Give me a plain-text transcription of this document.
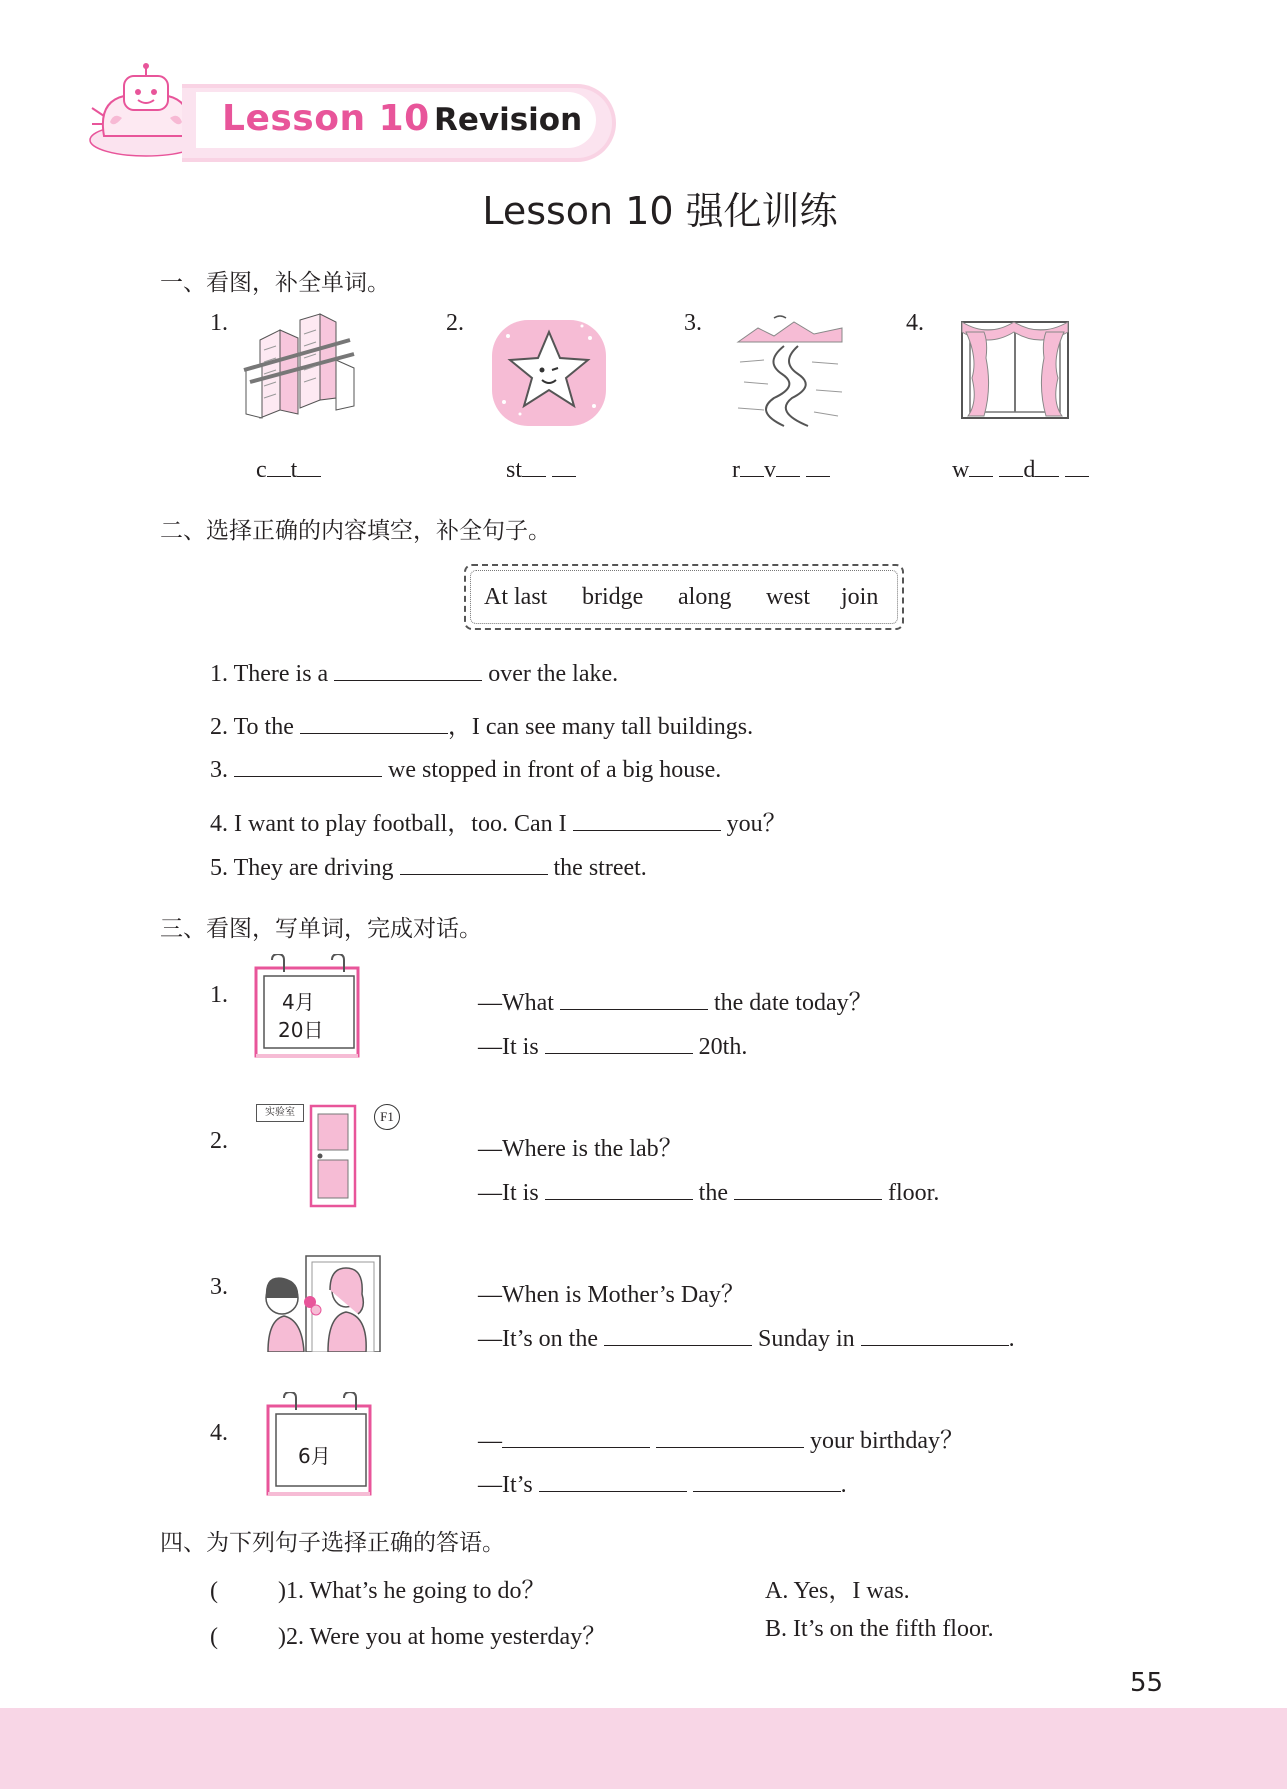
Lesson 10 Revision
Lesson 10 强化训练
一、看图，补全单词。
1.
c t
2.
st
3.
r v
4.
w d
二、选择正确的内容填空，补全句子。
At last bridge along west join
1. There is a	over the lake.
2. To the	，I can see many tall buildings.
3.	we stopped in front of a big house.
4. I want to play football，too. Can I	you？
5. They are driving	the street.
三、看图，写单词，完成对话。
1.	4月
20日
—What	the date today？
—It is	20th.
2.
实验室	F1
—Where is the lab？
—It is	the	floor.
3.	—When is Mother’s Day？
—It’s on the	Sunday in	.
4.
6月
—	your birthday？
—It’s	.
四、为下列句子选择正确的答语。
(	)1. What’s he going to do？	A. Yes，I was.
(	)2. Were you at home yesterday？	B. It’s on the fifth floor.
55
